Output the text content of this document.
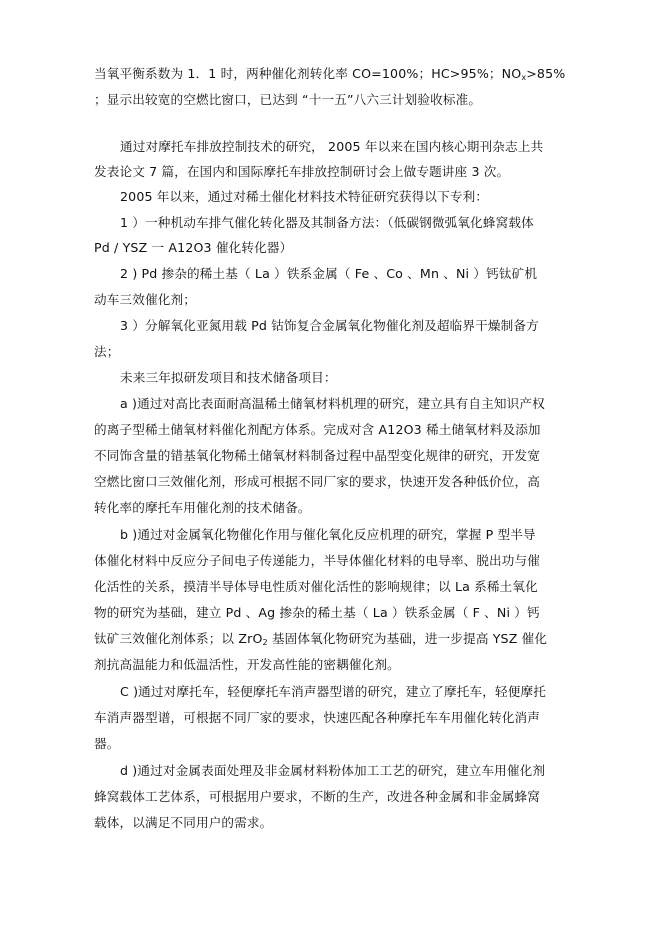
当氧平衡系数为 1．1 时，两种催化剂转化率 CO=100%；HC>95%；$NO_x>85\%$
；显示出较宽的空燃比窗口，已达到 “十一五”八六三计划验收标准。
通过对摩托车排放控制技术的研究， 2005 年以来在国内核心期刊杂志上共
发表论文 7 篇，在国内和国际摩托车排放控制研讨会上做专题讲座 3 次。
2005 年以来，通过对稀土催化材料技术特征研究获得以下专利：
1 ）一种机动车排气催化转化器及其制备方法：（低碳钢微弧氧化蜂窝载体
Pd / YSZ 一 A12O3 催化转化器）
2 ) Pd 掺杂的稀土基（ La ）铁系金属（ Fe 、Co 、Mn 、Ni ）钙钛矿机
动车三效催化剂；
3 ）分解氧化亚氮用载 Pd 钴饰复合金属氧化物催化剂及超临界干燥制备方
法；
未来三年拟研发项目和技术储备项目：
a )通过对高比表面耐高温稀土储氧材料机理的研究，建立具有自主知识产权
的离子型稀土储氧材料催化剂配方体系。完成对含 A12O3 稀土储氧材料及添加
不同饰含量的错基氧化物稀土储氧材料制备过程中晶型变化规律的研究，开发宽
空燃比窗口三效催化剂，形成可根据不同厂家的要求，快速开发各种低价位，高
转化率的摩托车用催化剂的技术储备。
b )通过对金属氧化物催化作用与催化氧化反应机理的研究，掌握 P 型半导
体催化材料中反应分子间电子传递能力，半导体催化材料的电导率、脱出功与催
化活性的关系，摸清半导体导电性质对催化活性的影响规律；以 La 系稀土氧化
物的研究为基础，建立 Pd 、Ag 掺杂的稀土基（ La ）铁系金属（ F 、Ni ）钙
钛矿三效催化剂体系；以 ZrO$_2$ 基固体氧化物研究为基础，进一步提高 YSZ 催化
剂抗高温能力和低温活性，开发高性能的密耦催化剂。
C )通过对摩托车，轻便摩托车消声器型谱的研究，建立了摩托车，轻便摩托
车消声器型谱，可根据不同厂家的要求，快速匹配各种摩托车车用催化转化消声
器。
d )通过对金属表面处理及非金属材料粉体加工工艺的研究，建立车用催化剂
蜂窝载体工艺体系，可根据用户要求，不断的生产，改进各种金属和非金属蜂窝
载体，以满足不同用户的需求。
